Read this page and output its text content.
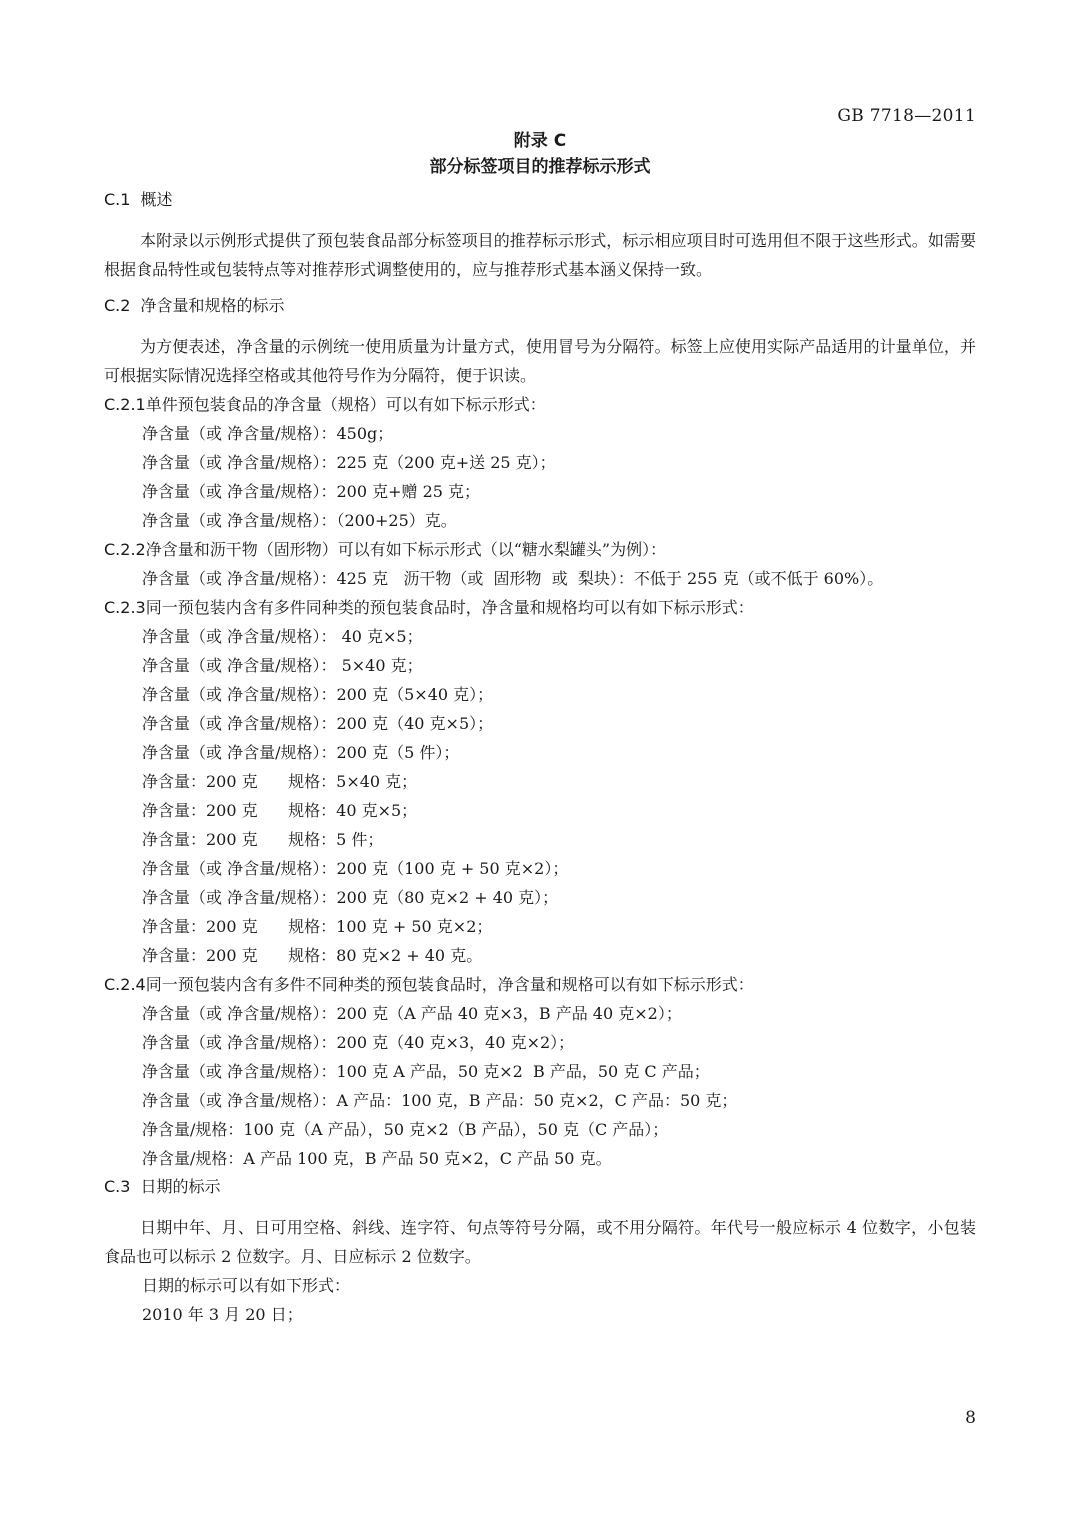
GB 7718—2011
附录 C
部分标签项目的推荐标示形式
C.1 概述

本附录以示例形式提供了预包装食品部分标签项目的推荐标示形式，标示相应项目时可选用但不限于这些形式。如需要根据食品特性或包装特点等对推荐形式调整使用的，应与推荐形式基本涵义保持一致。

C.2 净含量和规格的标示

为方便表述，净含量的示例统一使用质量为计量方式，使用冒号为分隔符。标签上应使用实际产品适用的计量单位，并可根据实际情况选择空格或其他符号作为分隔符，便于识读。

C.2.1单件预包装食品的净含量（规格）可以有如下标示形式：
净含量（或 净含量/规格）：450g；
净含量（或 净含量/规格）：225 克（200 克+送 25 克）；
净含量（或 净含量/规格）：200 克+赠 25 克；
净含量（或 净含量/规格）：（200+25）克。
C.2.2净含量和沥干物（固形物）可以有如下标示形式（以“糖水梨罐头”为例）：

净含量（或 净含量/规格）：425 克   沥干物（或  固形物  或  梨块）：不低于 255 克（或不低于 60%）。

C.2.3同一预包装内含有多件同种类的预包装食品时，净含量和规格均可以有如下标示形式：
净含量（或 净含量/规格）： 40 克×5；
净含量（或 净含量/规格）： 5×40 克；
净含量（或 净含量/规格）：200 克（5×40 克）；
净含量（或 净含量/规格）：200 克（40 克×5）；
净含量（或 净含量/规格）：200 克（5 件）；
净含量：200 克      规格：5×40 克；
净含量：200 克      规格：40 克×5；
净含量：200 克      规格：5 件；
净含量（或 净含量/规格）：200 克（100 克 + 50 克×2）；
净含量（或 净含量/规格）：200 克（80 克×2 + 40 克）；
净含量：200 克      规格：100 克 + 50 克×2；
净含量：200 克      规格：80 克×2 + 40 克。
C.2.4同一预包装内含有多件不同种类的预包装食品时，净含量和规格可以有如下标示形式：
净含量（或 净含量/规格）：200 克（A 产品 40 克×3，B 产品 40 克×2）；
净含量（或 净含量/规格）：200 克（40 克×3，40 克×2）；
净含量（或 净含量/规格）：100 克 A 产品，50 克×2  B 产品，50 克 C 产品；
净含量（或 净含量/规格）：A 产品：100 克，B 产品：50 克×2，C 产品：50 克；
净含量/规格：100 克（A 产品），50 克×2（B 产品），50 克（C 产品）；
净含量/规格：A 产品 100 克，B 产品 50 克×2，C 产品 50 克。
C.3 日期的标示

日期中年、月、日可用空格、斜线、连字符、句点等符号分隔，或不用分隔符。年代号一般应标示 4 位数字，小包装食品也可以标示 2 位数字。月、日应标示 2 位数字。

日期的标示可以有如下形式：
2010 年 3 月 20 日；
8
